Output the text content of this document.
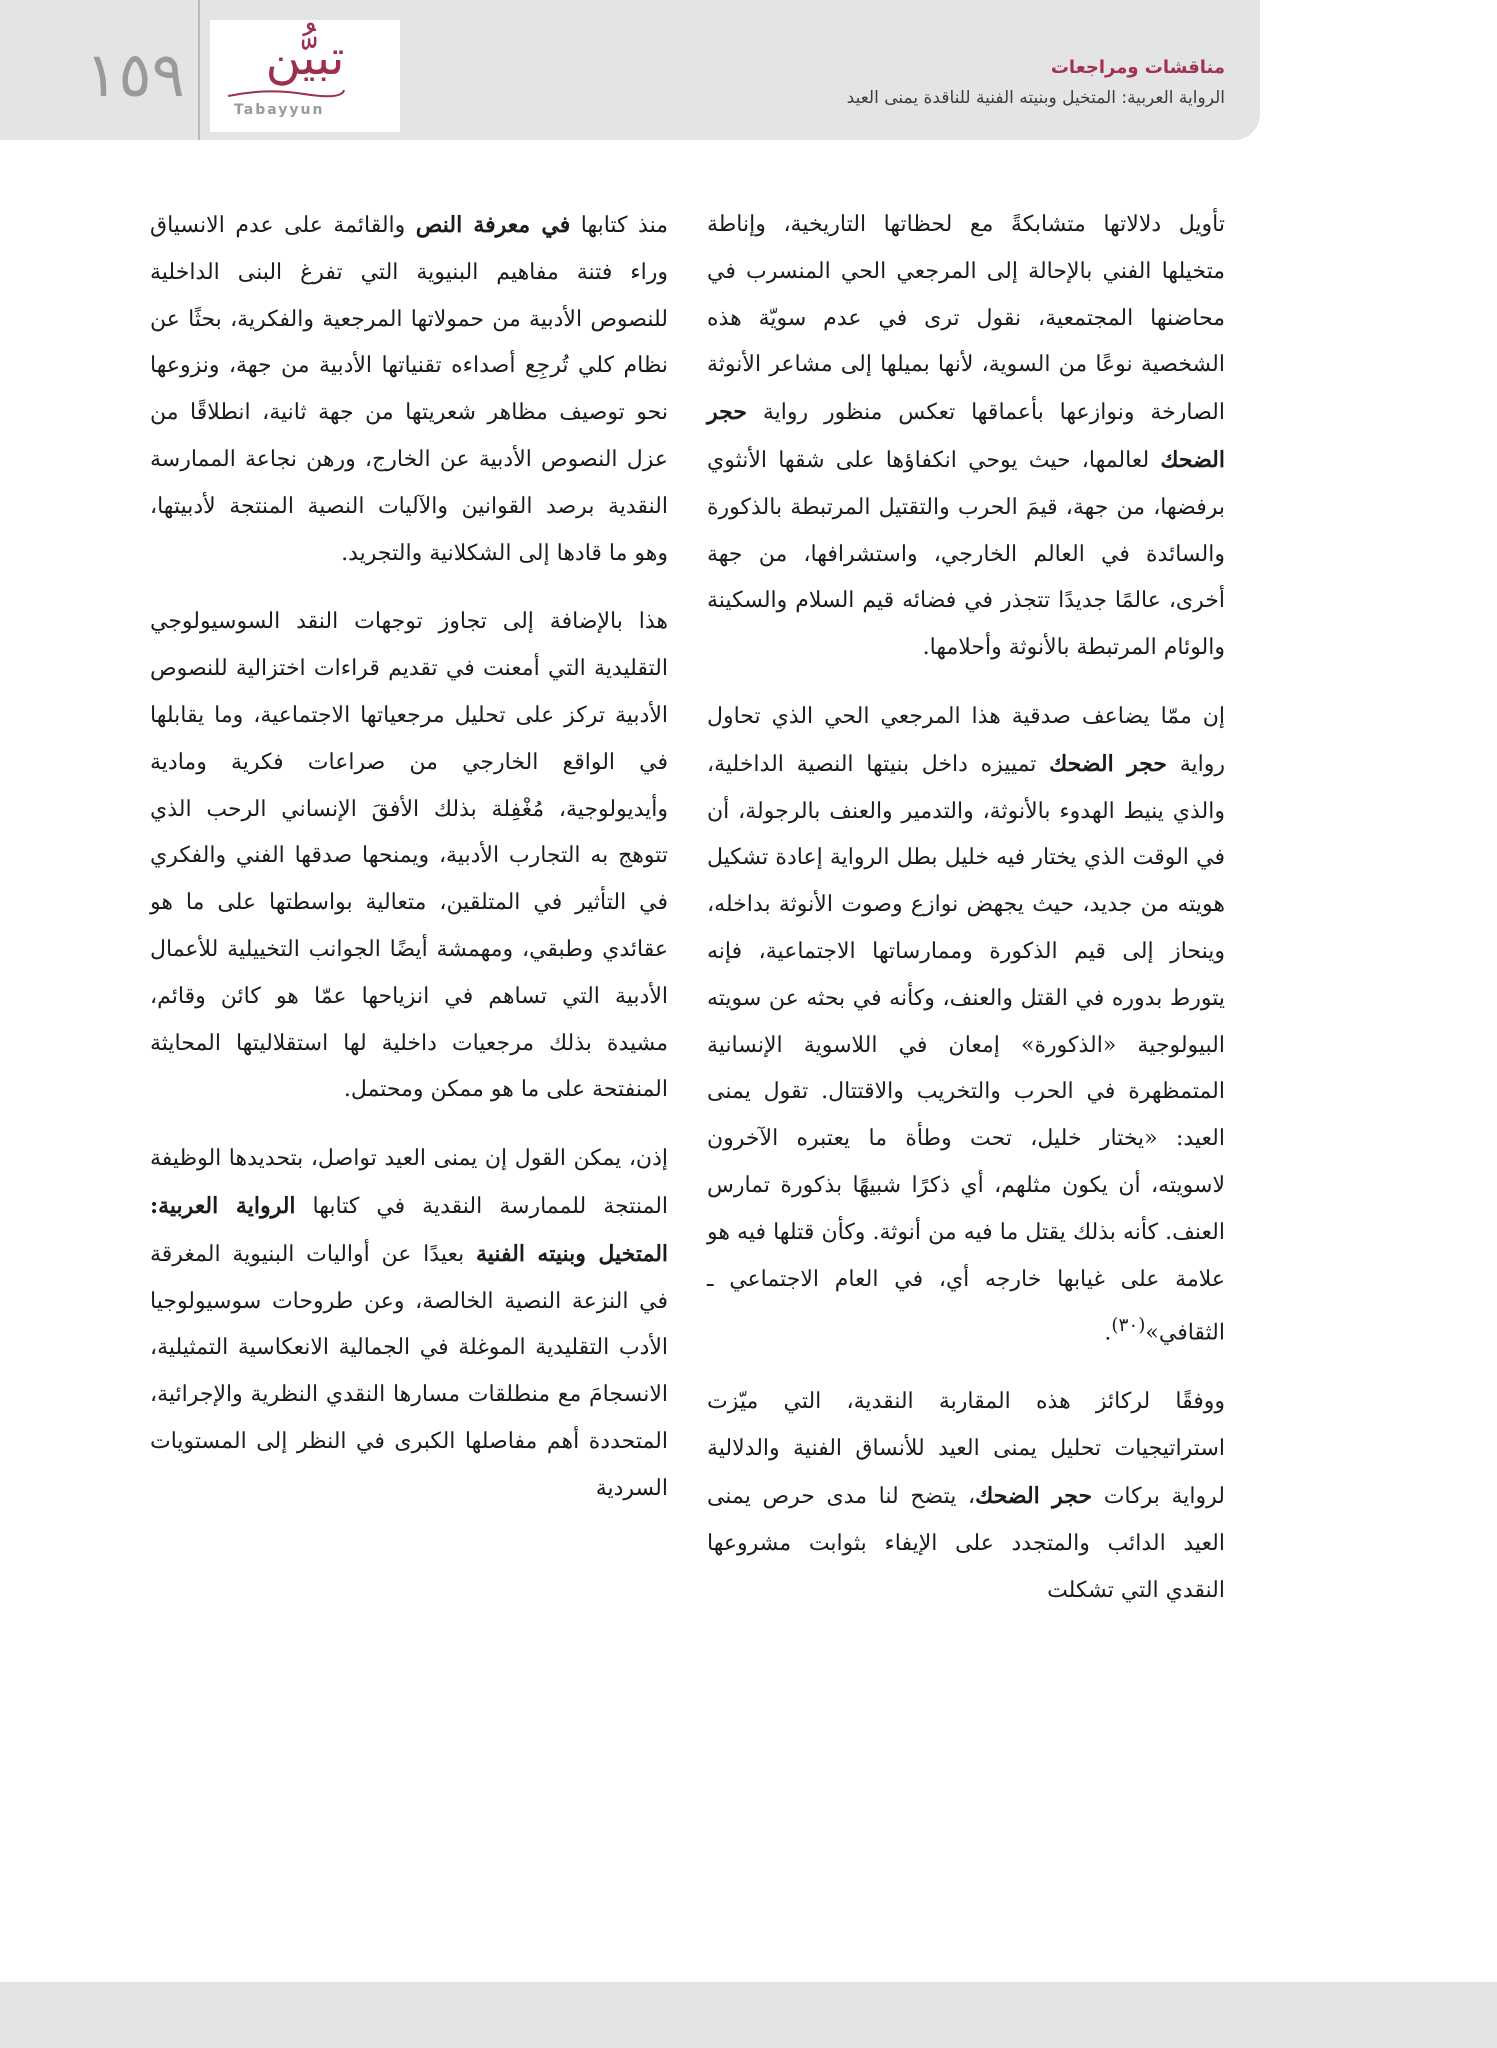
١٥٩	تبيُّن
Tabayyun
مناقشات ومراجعات
الرواية العربية: المتخيل وبنيته الفنية للناقدة يمنى العيد

تأويل دلالاتها متشابكةً مع لحظاتها التاريخية، وإناطة متخيلها الفني بالإحالة إلى المرجعي الحي المنسرب في محاضنها المجتمعية، نقول ترى في عدم سويّة هذه الشخصية نوعًا من السوية، لأنها بميلها إلى مشاعر الأنوثة الصارخة ونوازعها بأعماقها تعكس منظور رواية حجر الضحك لعالمها، حيث يوحي انكفاؤها على شقها الأنثوي برفضها، من جهة، قيمَ الحرب والتقتيل المرتبطة بالذكورة والسائدة في العالم الخارجي، واستشرافها، من جهة أخرى، عالمًا جديدًا تتجذر في فضائه قيم السلام والسكينة والوئام المرتبطة بالأنوثة وأحلامها.

إن ممّا يضاعف صدقية هذا المرجعي الحي الذي تحاول رواية حجر الضحك تمييزه داخل بنيتها النصية الداخلية، والذي ينيط الهدوء بالأنوثة، والتدمير والعنف بالرجولة، أن في الوقت الذي يختار فيه خليل بطل الرواية إعادة تشكيل هويته من جديد، حيث يجهض نوازع وصوت الأنوثة بداخله، وينحاز إلى قيم الذكورة وممارساتها الاجتماعية، فإنه يتورط بدوره في القتل والعنف، وكأنه في بحثه عن سويته البيولوجية «الذكورة» إمعان في اللاسوية الإنسانية المتمظهرة في الحرب والتخريب والاقتتال. تقول يمنى العيد: «يختار خليل، تحت وطأة ما يعتبره الآخرون لاسويته، أن يكون مثلهم، أي ذكرًا شبيهًا بذكورة تمارس العنف. كأنه بذلك يقتل ما فيه من أنوثة. وكأن قتلها فيه هو علامة على غيابها خارجه أي، في العام الاجتماعي ـ الثقافي»$^{(٣٠)}$.

ووفقًا لركائز هذه المقاربة النقدية، التي ميّزت استراتيجيات تحليل يمنى العيد للأنساق الفنية والدلالية لرواية بركات حجر الضحك، يتضح لنا مدى حرص يمنى العيد الدائب والمتجدد على الإيفاء بثوابت مشروعها النقدي التي تشكلت

منذ كتابها في معرفة النص والقائمة على عدم الانسياق وراء فتنة مفاهيم البنيوية التي تفرغ البنى الداخلية للنصوص الأدبية من حمولاتها المرجعية والفكرية، بحثًا عن نظام كلي تُرجِع أصداءه تقنياتها الأدبية من جهة، ونزوعها نحو توصيف مظاهر شعريتها من جهة ثانية، انطلاقًا من عزل النصوص الأدبية عن الخارج، ورهن نجاعة الممارسة النقدية برصد القوانين والآليات النصية المنتجة لأدبيتها، وهو ما قادها إلى الشكلانية والتجريد.

هذا بالإضافة إلى تجاوز توجهات النقد السوسيولوجي التقليدية التي أمعنت في تقديم قراءات اختزالية للنصوص الأدبية تركز على تحليل مرجعياتها الاجتماعية، وما يقابلها في الواقع الخارجي من صراعات فكرية ومادية وأيديولوجية، مُغْفِلة بذلك الأفقَ الإنساني الرحب الذي تتوهج به التجارب الأدبية، ويمنحها صدقها الفني والفكري في التأثير في المتلقين، متعالية بواسطتها على ما هو عقائدي وطبقي، ومهمشة أيضًا الجوانب التخييلية للأعمال الأدبية التي تساهم في انزياحها عمّا هو كائن وقائم، مشيدة بذلك مرجعيات داخلية لها استقلاليتها المحايثة المنفتحة على ما هو ممكن ومحتمل.

إذن، يمكن القول إن يمنى العيد تواصل، بتحديدها الوظيفة المنتجة للممارسة النقدية في كتابها الرواية العربية: المتخيل وبنيته الفنية بعيدًا عن أواليات البنيوية المغرقة في النزعة النصية الخالصة، وعن طروحات سوسيولوجيا الأدب التقليدية الموغلة في الجمالية الانعكاسية التمثيلية، الانسجامَ مع منطلقات مسارها النقدي النظرية والإجرائية، المتحددة أهم مفاصلها الكبرى في النظر إلى المستويات السردية
